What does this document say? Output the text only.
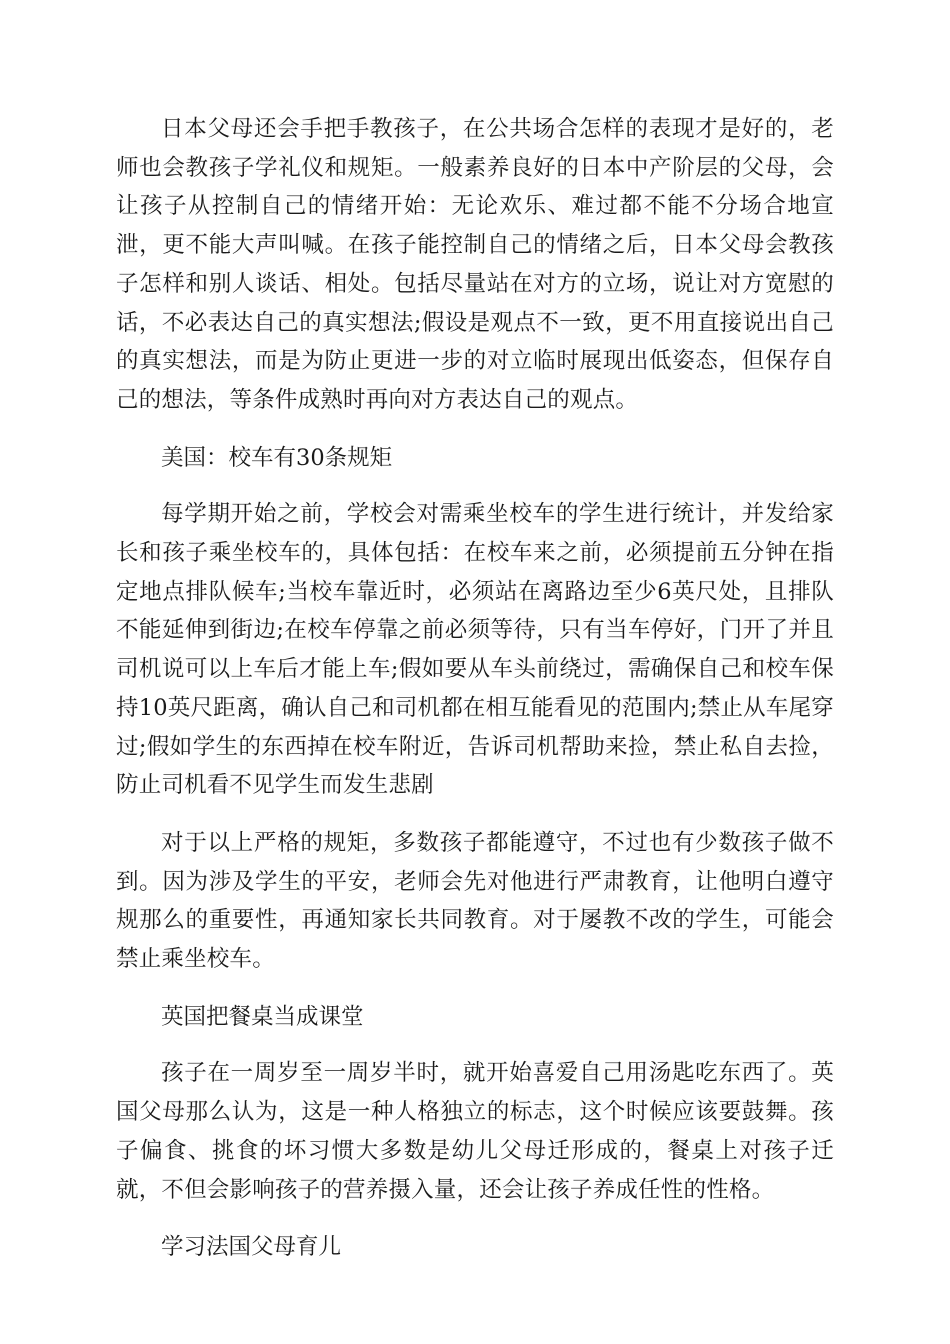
日本父母还会手把手教孩子，在公共场合怎样的表现才是好的，老师也会教孩子学礼仪和规矩。一般素养良好的日本中产阶层的父母，会让孩子从控制自己的情绪开始：无论欢乐、难过都不能不分场合地宣泄，更不能大声叫喊。在孩子能控制自己的情绪之后，日本父母会教孩子怎样和别人谈话、相处。包括尽量站在对方的立场，说让对方宽慰的话，不必表达自己的真实想法;假设是观点不一致，更不用直接说出自己的真实想法，而是为防止更进一步的对立临时展现出低姿态，但保存自己的想法，等条件成熟时再向对方表达自己的观点。

美国：校车有30条规矩

每学期开始之前，学校会对需乘坐校车的学生进行统计，并发给家长和孩子乘坐校车的，具体包括：在校车来之前，必须提前五分钟在指定地点排队候车;当校车靠近时，必须站在离路边至少6英尺处，且排队不能延伸到街边;在校车停靠之前必须等待，只有当车停好，门开了并且司机说可以上车后才能上车;假如要从车头前绕过，需确保自己和校车保持10英尺距离，确认自己和司机都在相互能看见的范围内;禁止从车尾穿过;假如学生的东西掉在校车附近，告诉司机帮助来捡，禁止私自去捡，防止司机看不见学生而发生悲剧

对于以上严格的规矩，多数孩子都能遵守，不过也有少数孩子做不到。因为涉及学生的平安，老师会先对他进行严肃教育，让他明白遵守规那么的重要性，再通知家长共同教育。对于屡教不改的学生，可能会禁止乘坐校车。

英国把餐桌当成课堂

孩子在一周岁至一周岁半时，就开始喜爱自己用汤匙吃东西了。英国父母那么认为，这是一种人格独立的标志，这个时候应该要鼓舞。孩子偏食、挑食的坏习惯大多数是幼儿父母迁形成的，餐桌上对孩子迁就，不但会影响孩子的营养摄入量，还会让孩子养成任性的性格。

学习法国父母育儿
